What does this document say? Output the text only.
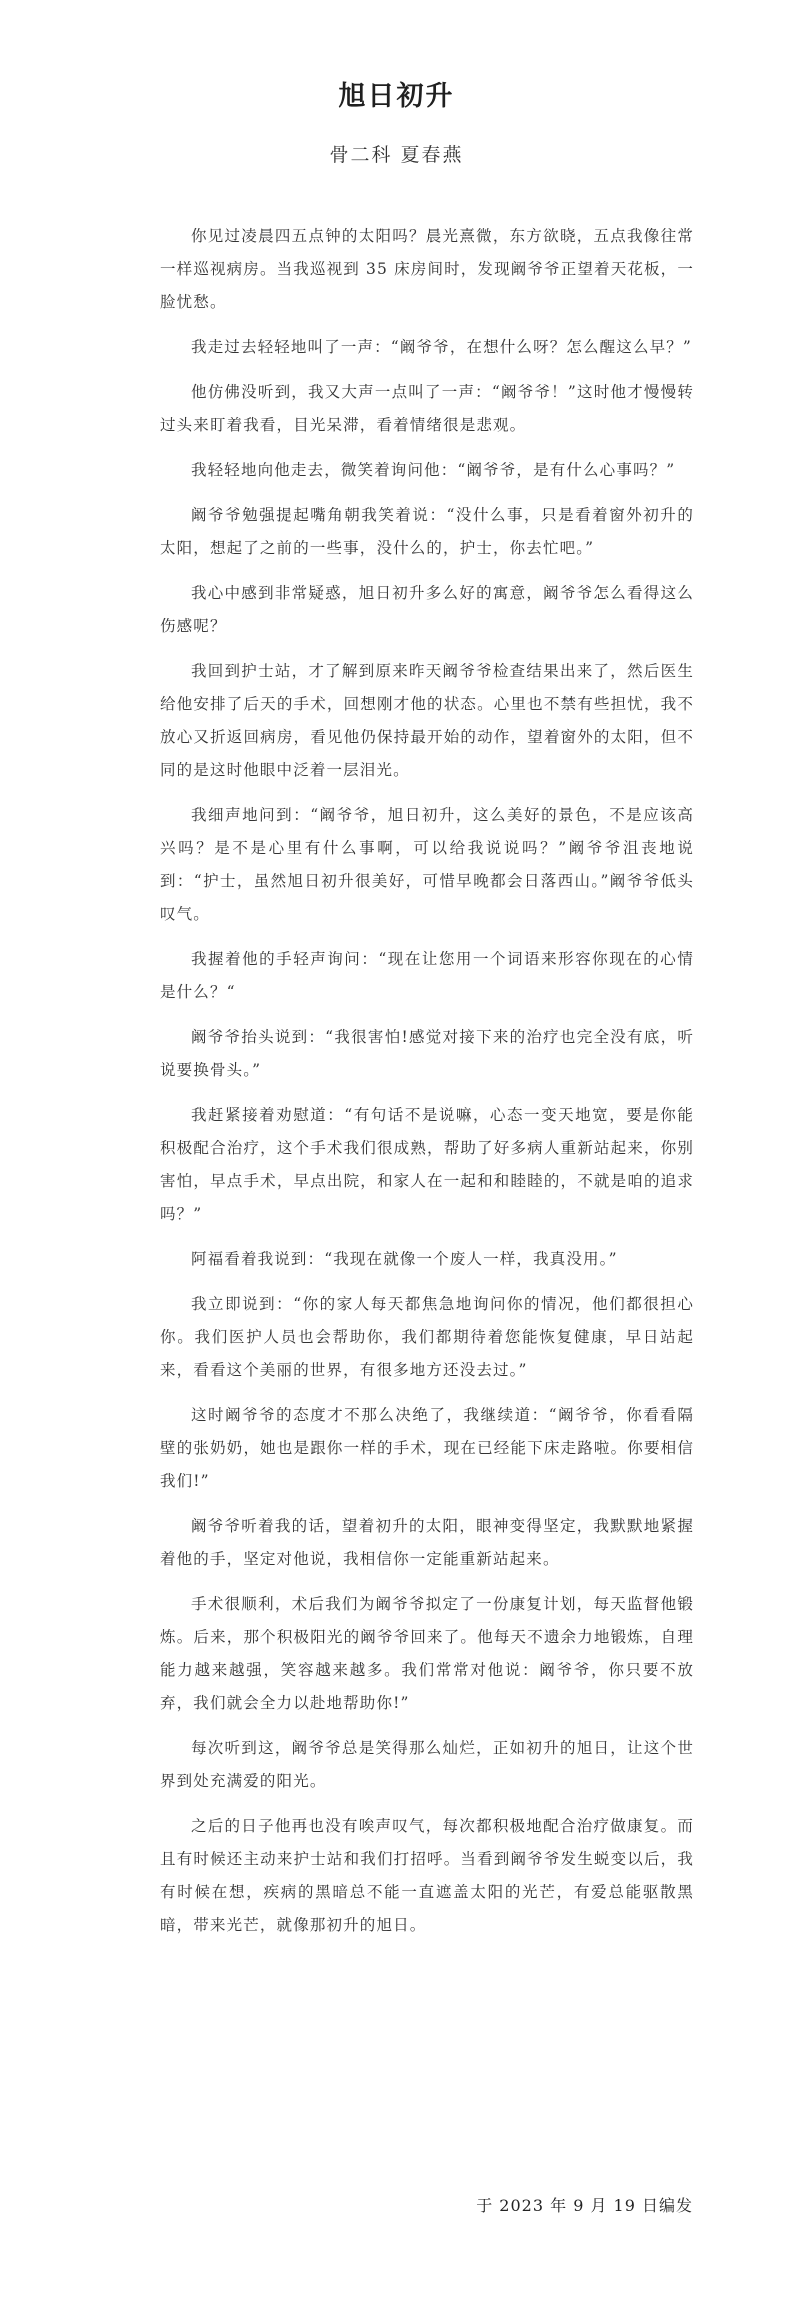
旭日初升
骨二科 夏春燕

你见过凌晨四五点钟的太阳吗？晨光熹微，东方欲晓，五点我像往常一样巡视病房。当我巡视到 35 床房间时，发现阚爷爷正望着天花板，一脸忧愁。

我走过去轻轻地叫了一声：“阚爷爷，在想什么呀？怎么醒这么早？”

他仿佛没听到，我又大声一点叫了一声：“阚爷爷！”这时他才慢慢转过头来盯着我看，目光呆滞，看着情绪很是悲观。

我轻轻地向他走去，微笑着询问他：“阚爷爷，是有什么心事吗？”

阚爷爷勉强提起嘴角朝我笑着说：“没什么事，只是看着窗外初升的太阳，想起了之前的一些事，没什么的，护士，你去忙吧。”

我心中感到非常疑惑，旭日初升多么好的寓意，阚爷爷怎么看得这么伤感呢？

我回到护士站，才了解到原来昨天阚爷爷检查结果出来了，然后医生给他安排了后天的手术，回想刚才他的状态。心里也不禁有些担忧，我不放心又折返回病房，看见他仍保持最开始的动作，望着窗外的太阳，但不同的是这时他眼中泛着一层泪光。

我细声地问到：“阚爷爷，旭日初升，这么美好的景色，不是应该高兴吗？是不是心里有什么事啊，可以给我说说吗？”阚爷爷沮丧地说到：“护士，虽然旭日初升很美好，可惜早晚都会日落西山。”阚爷爷低头叹气。

我握着他的手轻声询问：“现在让您用一个词语来形容你现在的心情是什么？“

阚爷爷抬头说到：“我很害怕!感觉对接下来的治疗也完全没有底，听说要换骨头。”

我赶紧接着劝慰道：“有句话不是说嘛，心态一变天地宽，要是你能积极配合治疗，这个手术我们很成熟，帮助了好多病人重新站起来，你别害怕，早点手术，早点出院，和家人在一起和和睦睦的，不就是咱的追求吗？”

阿福看着我说到：“我现在就像一个废人一样，我真没用。”

我立即说到：“你的家人每天都焦急地询问你的情况，他们都很担心你。我们医护人员也会帮助你，我们都期待着您能恢复健康，早日站起来，看看这个美丽的世界，有很多地方还没去过。”

这时阚爷爷的态度才不那么决绝了，我继续道：“阚爷爷，你看看隔壁的张奶奶，她也是跟你一样的手术，现在已经能下床走路啦。你要相信我们!”

阚爷爷听着我的话，望着初升的太阳，眼神变得坚定，我默默地紧握着他的手，坚定对他说，我相信你一定能重新站起来。

手术很顺利，术后我们为阚爷爷拟定了一份康复计划，每天监督他锻炼。后来，那个积极阳光的阚爷爷回来了。他每天不遗余力地锻炼，自理能力越来越强，笑容越来越多。我们常常对他说：阚爷爷，你只要不放弃，我们就会全力以赴地帮助你!”

每次听到这，阚爷爷总是笑得那么灿烂，正如初升的旭日，让这个世界到处充满爱的阳光。

之后的日子他再也没有唉声叹气，每次都积极地配合治疗做康复。而且有时候还主动来护士站和我们打招呼。当看到阚爷爷发生蜕变以后，我有时候在想，疾病的黑暗总不能一直遮盖太阳的光芒，有爱总能驱散黑暗，带来光芒，就像那初升的旭日。

于 2023 年 9 月 19 日编发
